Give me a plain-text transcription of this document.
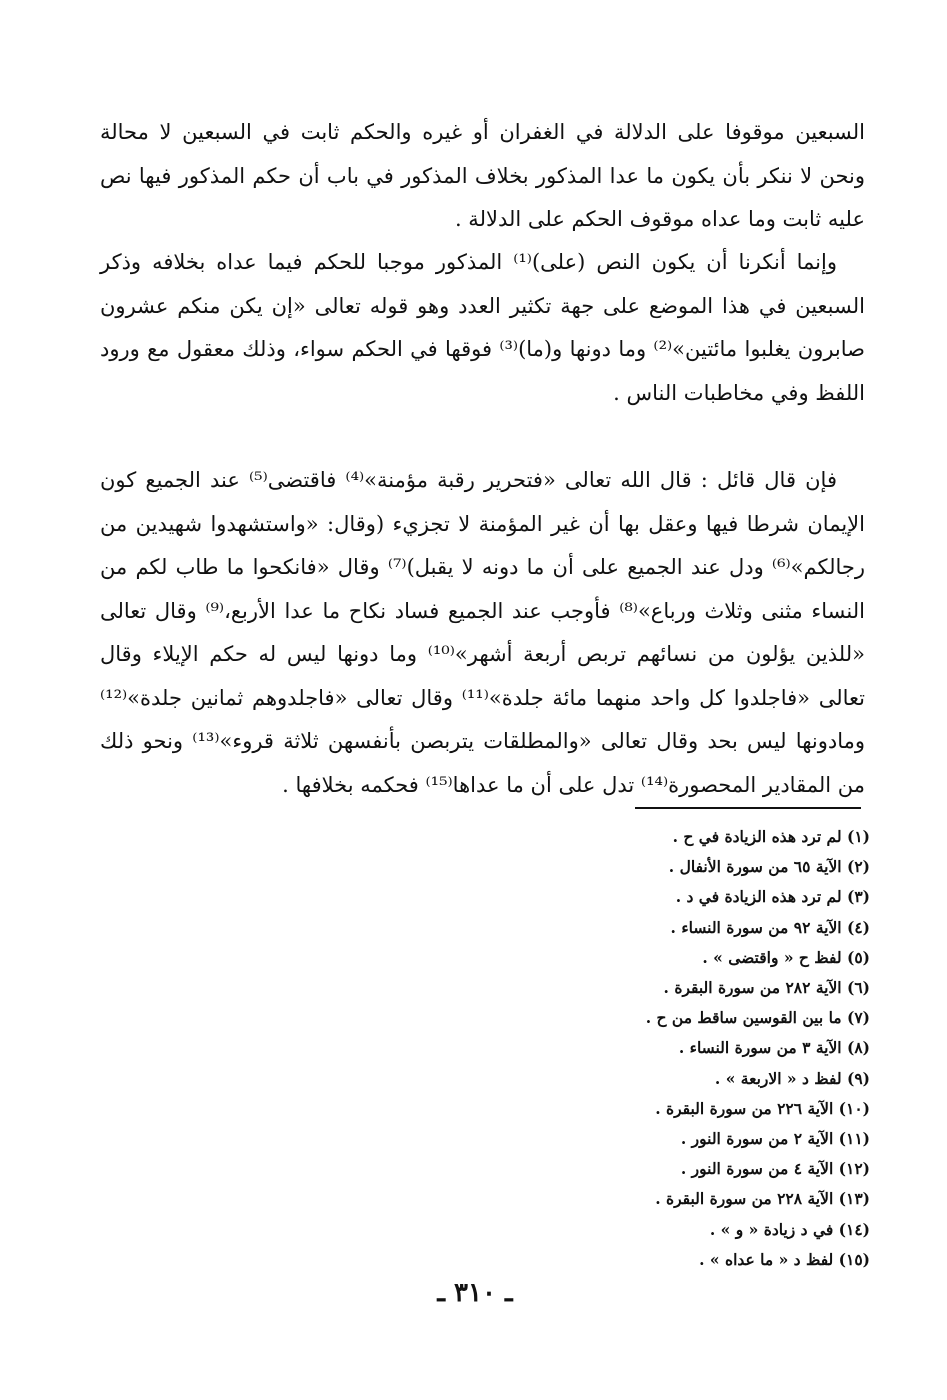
السبعين موقوفا على الدلالة في الغفران أو غيره والحكم ثابت في السبعين لا محالة ونحن لا ننكر بأن يكون ما عدا المذكور بخلاف المذكور في باب أن حكم المذكور فيها نص عليه ثابت وما عداه موقوف الحكم على الدلالة .

وإنما أنكرنا أن يكون النص (على)⁽¹⁾ المذكور موجبا للحكم فيما عداه بخلافه وذكر السبعين في هذا الموضع على جهة تكثير العدد وهو قوله تعالى «إن يكن منكم عشرون صابرون يغلبوا مائتين»⁽²⁾ وما دونها و(ما)⁽³⁾ فوقها في الحكم سواء، وذلك معقول مع ورود اللفظ وفي مخاطبات الناس .

فإن قال قائل : قال الله تعالى «فتحرير رقبة مؤمنة»⁽⁴⁾ فاقتضى⁽⁵⁾ عند الجميع كون الإيمان شرطا فيها وعقل بها أن غير المؤمنة لا تجزيء (وقال: «واستشهدوا شهيدين من رجالكم»⁽⁶⁾ ودل عند الجميع على أن ما دونه لا يقبل)⁽⁷⁾ وقال «فانكحوا ما طاب لكم من النساء مثنى وثلاث ورباع»⁽⁸⁾ فأوجب عند الجميع فساد نكاح ما عدا الأربع،⁽⁹⁾ وقال تعالى «للذين يؤلون من نسائهم تربص أربعة أشهر»⁽¹⁰⁾ وما دونها ليس له حكم الإيلاء وقال تعالى «فاجلدوا كل واحد منهما مائة جلدة»⁽¹¹⁾ وقال تعالى «فاجلدوهم ثمانين جلدة»⁽¹²⁾ ومادونها ليس بحد وقال تعالى «والمطلقات يتربصن بأنفسهن ثلاثة قروء»⁽¹³⁾ ونحو ذلك من المقادير المحصورة⁽¹⁴⁾ تدل على أن ما عداها⁽¹⁵⁾ فحكمه بخلافها .

(١) لم ترد هذه الزيادة في ح .
(٢) الآية ٦٥ من سورة الأنفال .
(٣) لم ترد هذه الزيادة في د .
(٤) الآية ٩٢ من سورة النساء .
(٥) لفظ ح « واقتضى » .
(٦) الآية ٢٨٢ من سورة البقرة .
(٧) ما بين القوسين ساقط من ح .
(٨) الآية ٣ من سورة النساء .
(٩) لفظ د « الاربعة » .
(١٠) الآية ٢٢٦ من سورة البقرة .
(١١) الآية ٢ من سورة النور .
(١٢) الآية ٤ من سورة النور .
(١٣) الآية ٢٢٨ من سورة البقرة .
(١٤) في د زيادة « و » .
(١٥) لفظ د « ما عداه » .
ـ ٣١٠ ـ
